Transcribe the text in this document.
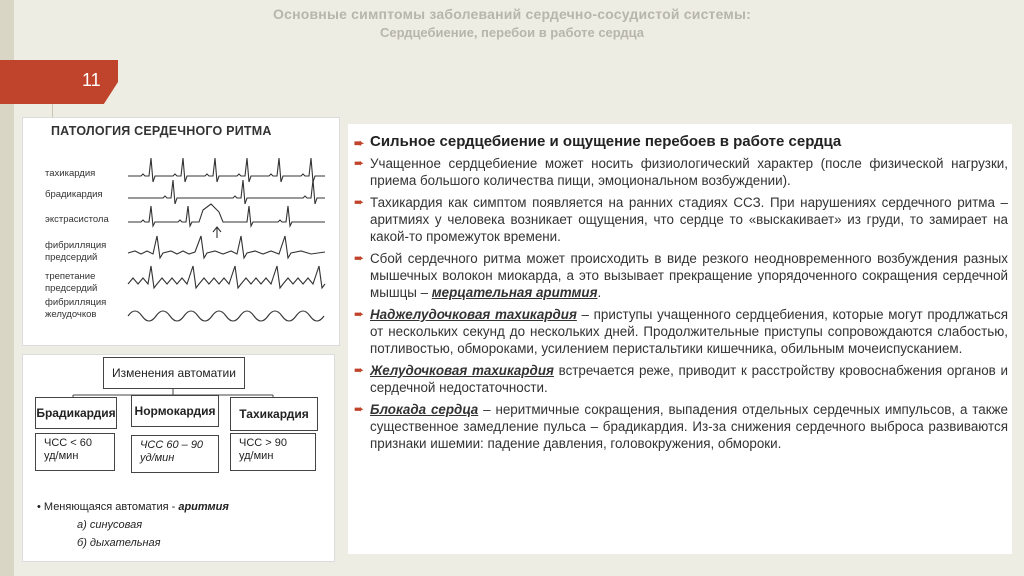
Основные симптомы заболеваний сердечно-сосудистой системы:
Сердцебиение, перебои в работе сердца
11
ПАТОЛОГИЯ СЕРДЕЧНОГО РИТМА
тахикардия
брадикардия
экстрасистола
фибрилляция
предсердий
трепетание
предсердий
фибрилляция
желудочков
Изменения автоматии
Брадикардия Нормокардия	Тахикардия
ЧСС < 60
уд/мин
ЧСС 60 – 90
уд/мин
ЧСС > 90
уд/мин
• Меняющаяся автоматия - аритмия
а) синусовая
б) дыхательная
➨ Сильное сердцебиение и ощущение перебоев в работе сердца
➨ Учащенное сердцебиение может носить физиологический характер (после физической нагрузки, приема большого количества пищи, эмоциональном возбуждении).
➨ Тахикардия как симптом появляется на ранних стадиях ССЗ. При нарушениях сердечного ритма – аритмиях у человека возникает ощущения, что сердце то «выскакивает» из груди, то замирает на какой-то промежуток времени.
➨ Сбой сердечного ритма может происходить в виде резкого неодновременного возбуждения разных мышечных волокон миокарда, а это вызывает прекращение упорядоченного сокращения сердечной мышцы – мерцательная аритмия.
➨ Наджелудочковая тахикардия – приступы учащенного сердцебиения, которые могут продлжаться от нескольких секунд до нескольких дней. Продолжительные приступы сопровождаются слабостью, потливостью, обмороками, усилением перистальтики кишечника, обильным мочеиспусканием.
➨ Желудочковая тахикардия встречается реже, приводит к расстройству кровоснабжения органов и сердечной недостаточности.
➨ Блокада сердца – неритмичные сокращения, выпадения отдельных сердечных импульсов, а также существенное замедление пульса – брадикардия. Из-за снижения сердечного выброса развиваются признаки ишемии: падение давления, головокружения, обмороки.
